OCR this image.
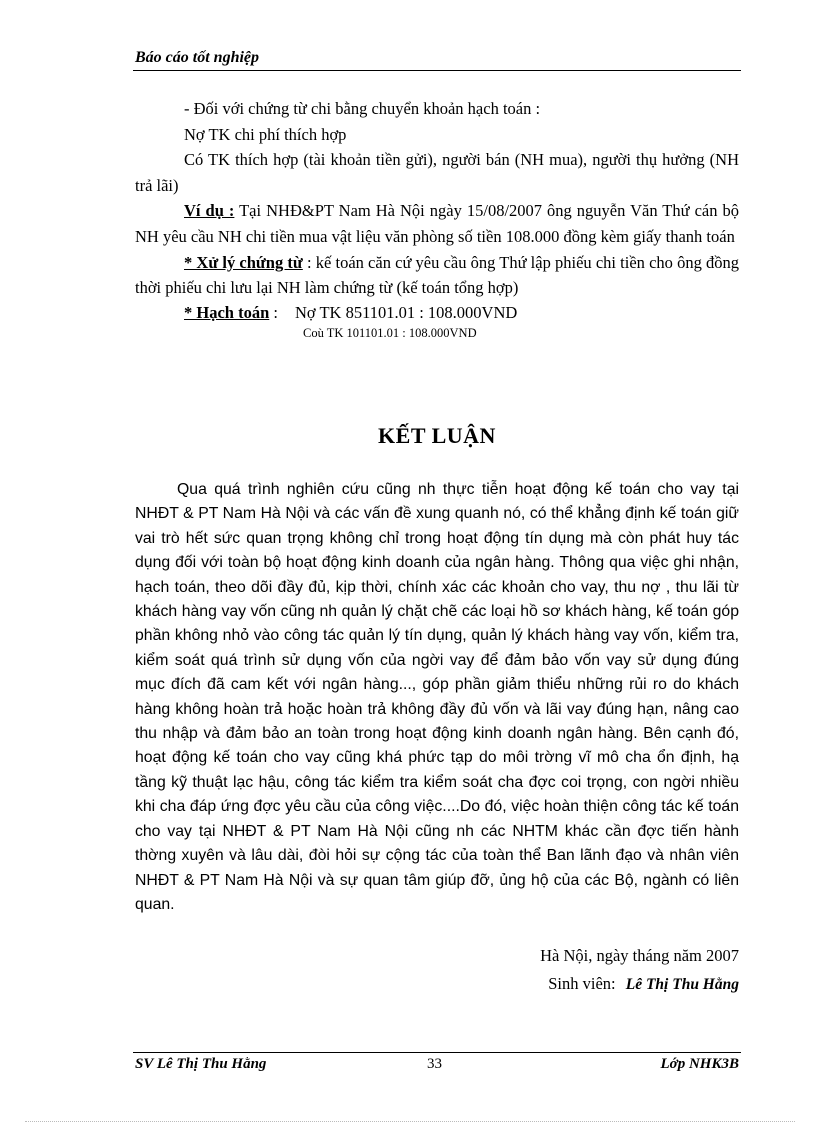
Báo cáo tốt nghiệp

- Đối với chứng từ chi bằng chuyển khoản hạch toán :

Nợ TK chi phí thích hợp

Có TK thích hợp (tài khoản tiền gửi), người bán (NH mua), người thụ hưởng (NH trả lãi)

Ví dụ : Tại NHĐ&PT Nam Hà Nội ngày 15/08/2007 ông nguyễn Văn Thứ cán bộ NH yêu cầu NH chi tiền mua vật liệu văn phòng số tiền 108.000 đồng kèm giấy thanh toán

* Xử lý chứng từ : kế toán căn cứ yêu cầu ông Thứ lập phiếu chi tiền cho ông đồng thời phiếu chi lưu lại NH làm chứng từ (kế toán tổng hợp)

* Hạch toán :	Nợ TK 851101.01 : 108.000VND
Coù TK 101101.01 : 108.000VND
KẾT LUẬN

Qua quá trình nghiên cứu cũng nh thực tiễn hoạt động kế toán cho vay tại NHĐT & PT Nam Hà Nội và các vấn đề xung quanh nó, có thể khẳng định kế toán giữ vai trò hết sức quan trọng không chỉ trong hoạt động tín dụng mà còn phát huy tác dụng đối với toàn bộ hoạt động kinh doanh của ngân hàng. Thông qua việc ghi nhận, hạch toán, theo dõi đầy đủ, kịp thời, chính xác các khoản cho vay, thu nợ , thu lãi từ khách hàng vay vốn cũng nh quản lý chặt chẽ các loại hồ sơ khách hàng, kế toán góp phần không nhỏ vào công tác quản lý tín dụng, quản lý khách hàng vay vốn, kiểm tra, kiểm soát quá trình sử dụng vốn của ngời vay để đảm bảo vốn vay sử dụng đúng mục đích đã cam kết với ngân hàng..., góp phần giảm thiểu những rủi ro do khách hàng không hoàn trả hoặc hoàn trả không đầy đủ vốn và lãi vay đúng hạn, nâng cao thu nhập và đảm bảo an toàn trong hoạt động kinh doanh ngân hàng. Bên cạnh đó, hoạt động kế toán cho vay cũng khá phức tạp do môi trờng vĩ mô cha ổn định, hạ tầng kỹ thuật lạc hậu, công tác kiểm tra kiểm soát cha đợc coi trọng, con ngời nhiều khi cha đáp ứng đợc yêu cầu của công việc....Do đó, việc hoàn thiện công tác kế toán cho vay tại NHĐT & PT Nam Hà Nội cũng nh các NHTM khác cần đợc tiến hành thờng xuyên và lâu dài, đòi hỏi sự cộng tác của toàn thể Ban lãnh đạo và nhân viên NHĐT & PT Nam Hà Nội và sự quan tâm giúp đỡ, ủng hộ của các Bộ, ngành có liên quan.

Hà Nội, ngày tháng năm 2007
Sinh viên: Lê Thị Thu Hằng
SV Lê Thị Thu Hằng	33	Lớp NHK3B
